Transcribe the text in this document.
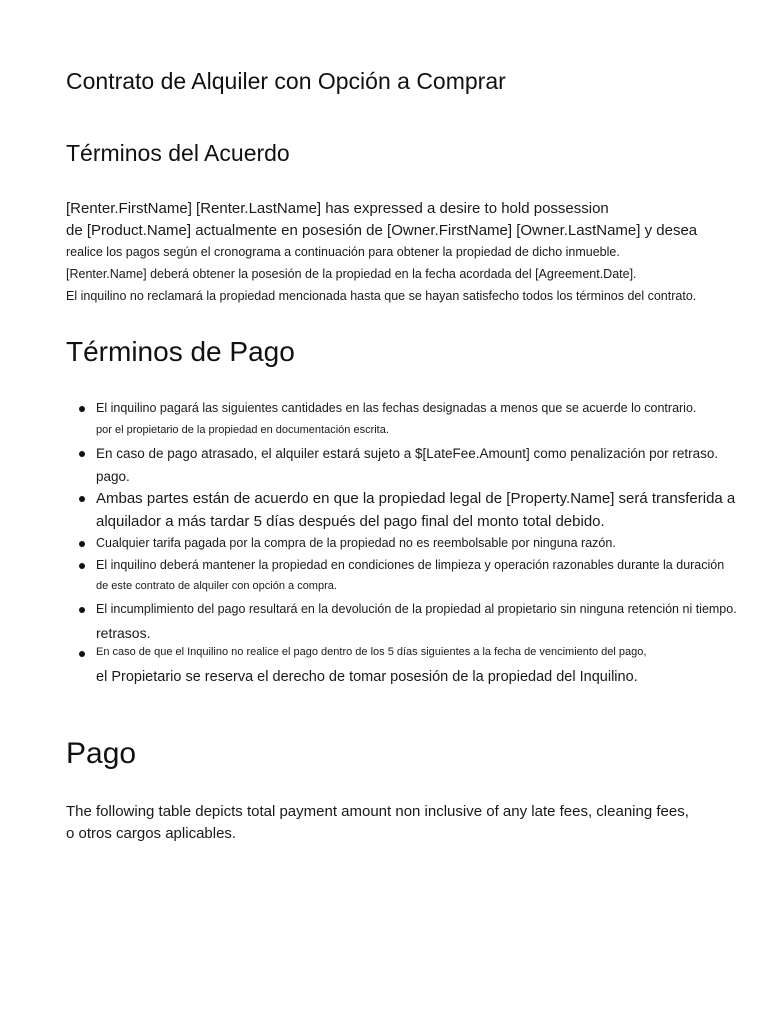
Contrato de Alquiler con Opción a Comprar
Términos del Acuerdo

[Renter.FirstName] [Renter.LastName] has expressed a desire to hold possession

de [Product.Name] actualmente en posesión de [Owner.FirstName] [Owner.LastName] y desea

realice los pagos según el cronograma a continuación para obtener la propiedad de dicho inmueble.

[Renter.Name] deberá obtener la posesión de la propiedad en la fecha acordada del [Agreement.Date].

El inquilino no reclamará la propiedad mencionada hasta que se hayan satisfecho todos los términos del contrato.

Términos de Pago

El inquilino pagará las siguientes cantidades en las fechas designadas a menos que se acuerde lo contrario.

por el propietario de la propiedad en documentación escrita.

En caso de pago atrasado, el alquiler estará sujeto a $[LateFee.Amount] como penalización por retraso.

pago.

Ambas partes están de acuerdo en que la propiedad legal de [Property.Name] será transferida a

alquilador a más tardar 5 días después del pago final del monto total debido.

Cualquier tarifa pagada por la compra de la propiedad no es reembolsable por ninguna razón.

El inquilino deberá mantener la propiedad en condiciones de limpieza y operación razonables durante la duración

de este contrato de alquiler con opción a compra.

El incumplimiento del pago resultará en la devolución de la propiedad al propietario sin ninguna retención ni tiempo.

retrasos.

En caso de que el Inquilino no realice el pago dentro de los 5 días siguientes a la fecha de vencimiento del pago,

el Propietario se reserva el derecho de tomar posesión de la propiedad del Inquilino.

Pago

The following table depicts total payment amount non inclusive of any late fees, cleaning fees,

o otros cargos aplicables.
